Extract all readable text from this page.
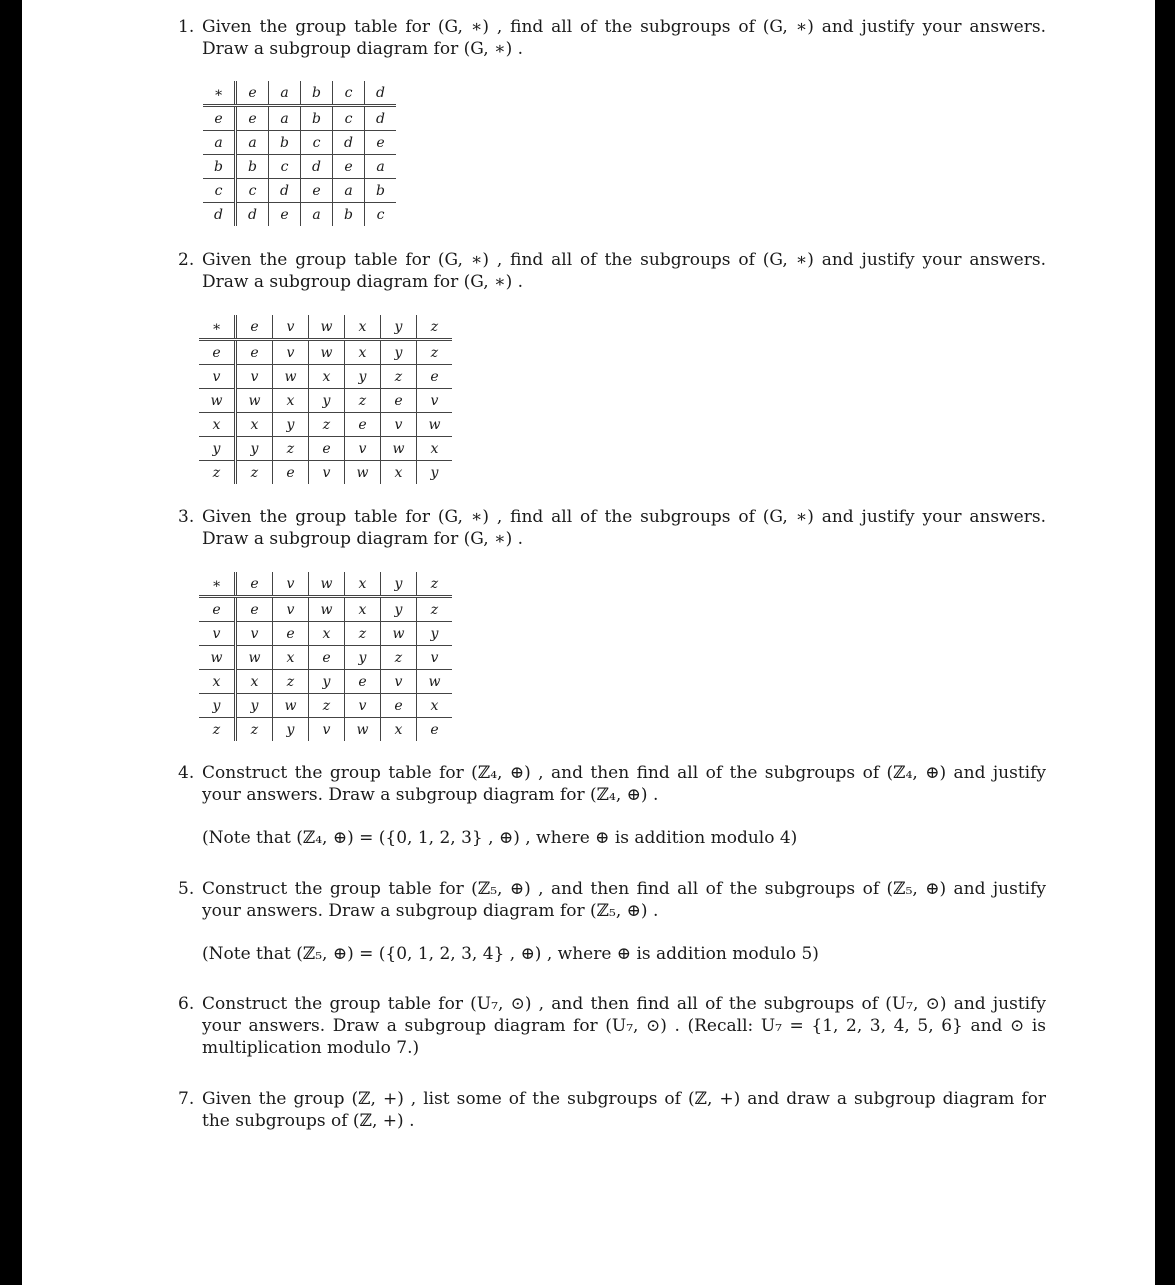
1. Given the group table for (G, ∗) , find all of the subgroups of (G, ∗) and justify your answers. Draw a subgroup diagram for (G, ∗) .
∗	e	a	b	c	d
e	e	a	b	c	d
a	a	b	c	d	e
b	b	c	d	e	a
c	c	d	e	a	b
d	d	e	a	b	c
2. Given the group table for (G, ∗) , find all of the subgroups of (G, ∗) and justify your answers. Draw a subgroup diagram for (G, ∗) .
∗	e	v	w	x	y	z
e	e	v	w	x	y	z
v	v	w	x	y	z	e
w	w	x	y	z	e	v
x	x	y	z	e	v	w
y	y	z	e	v	w	x
z	z	e	v	w	x	y
3. Given the group table for (G, ∗) , find all of the subgroups of (G, ∗) and justify your answers. Draw a subgroup diagram for (G, ∗) .
∗	e	v	w	x	y	z
e	e	v	w	x	y	z
v	v	e	x	z	w	y
w	w	x	e	y	z	v
x	x	z	y	e	v	w
y	y	w	z	v	e	x
z	z	y	v	w	x	e
4. Construct the group table for (ℤ₄, ⊕) , and then find all of the subgroups of (ℤ₄, ⊕) and justify your answers. Draw a subgroup diagram for (ℤ₄, ⊕) .
(Note that (ℤ₄, ⊕) = ({0, 1, 2, 3} , ⊕) , where ⊕ is addition modulo 4)
5. Construct the group table for (ℤ₅, ⊕) , and then find all of the subgroups of (ℤ₅, ⊕) and justify your answers. Draw a subgroup diagram for (ℤ₅, ⊕) .
(Note that (ℤ₅, ⊕) = ({0, 1, 2, 3, 4} , ⊕) , where ⊕ is addition modulo 5)
6. Construct the group table for (U₇, ⊙) , and then find all of the subgroups of (U₇, ⊙) and justify your answers. Draw a subgroup diagram for (U₇, ⊙) . (Recall: U₇ = {1, 2, 3, 4, 5, 6} and ⊙ is multiplication modulo 7.)
7. Given the group (ℤ, +) , list some of the subgroups of (ℤ, +) and draw a subgroup diagram for the subgroups of (ℤ, +) .
